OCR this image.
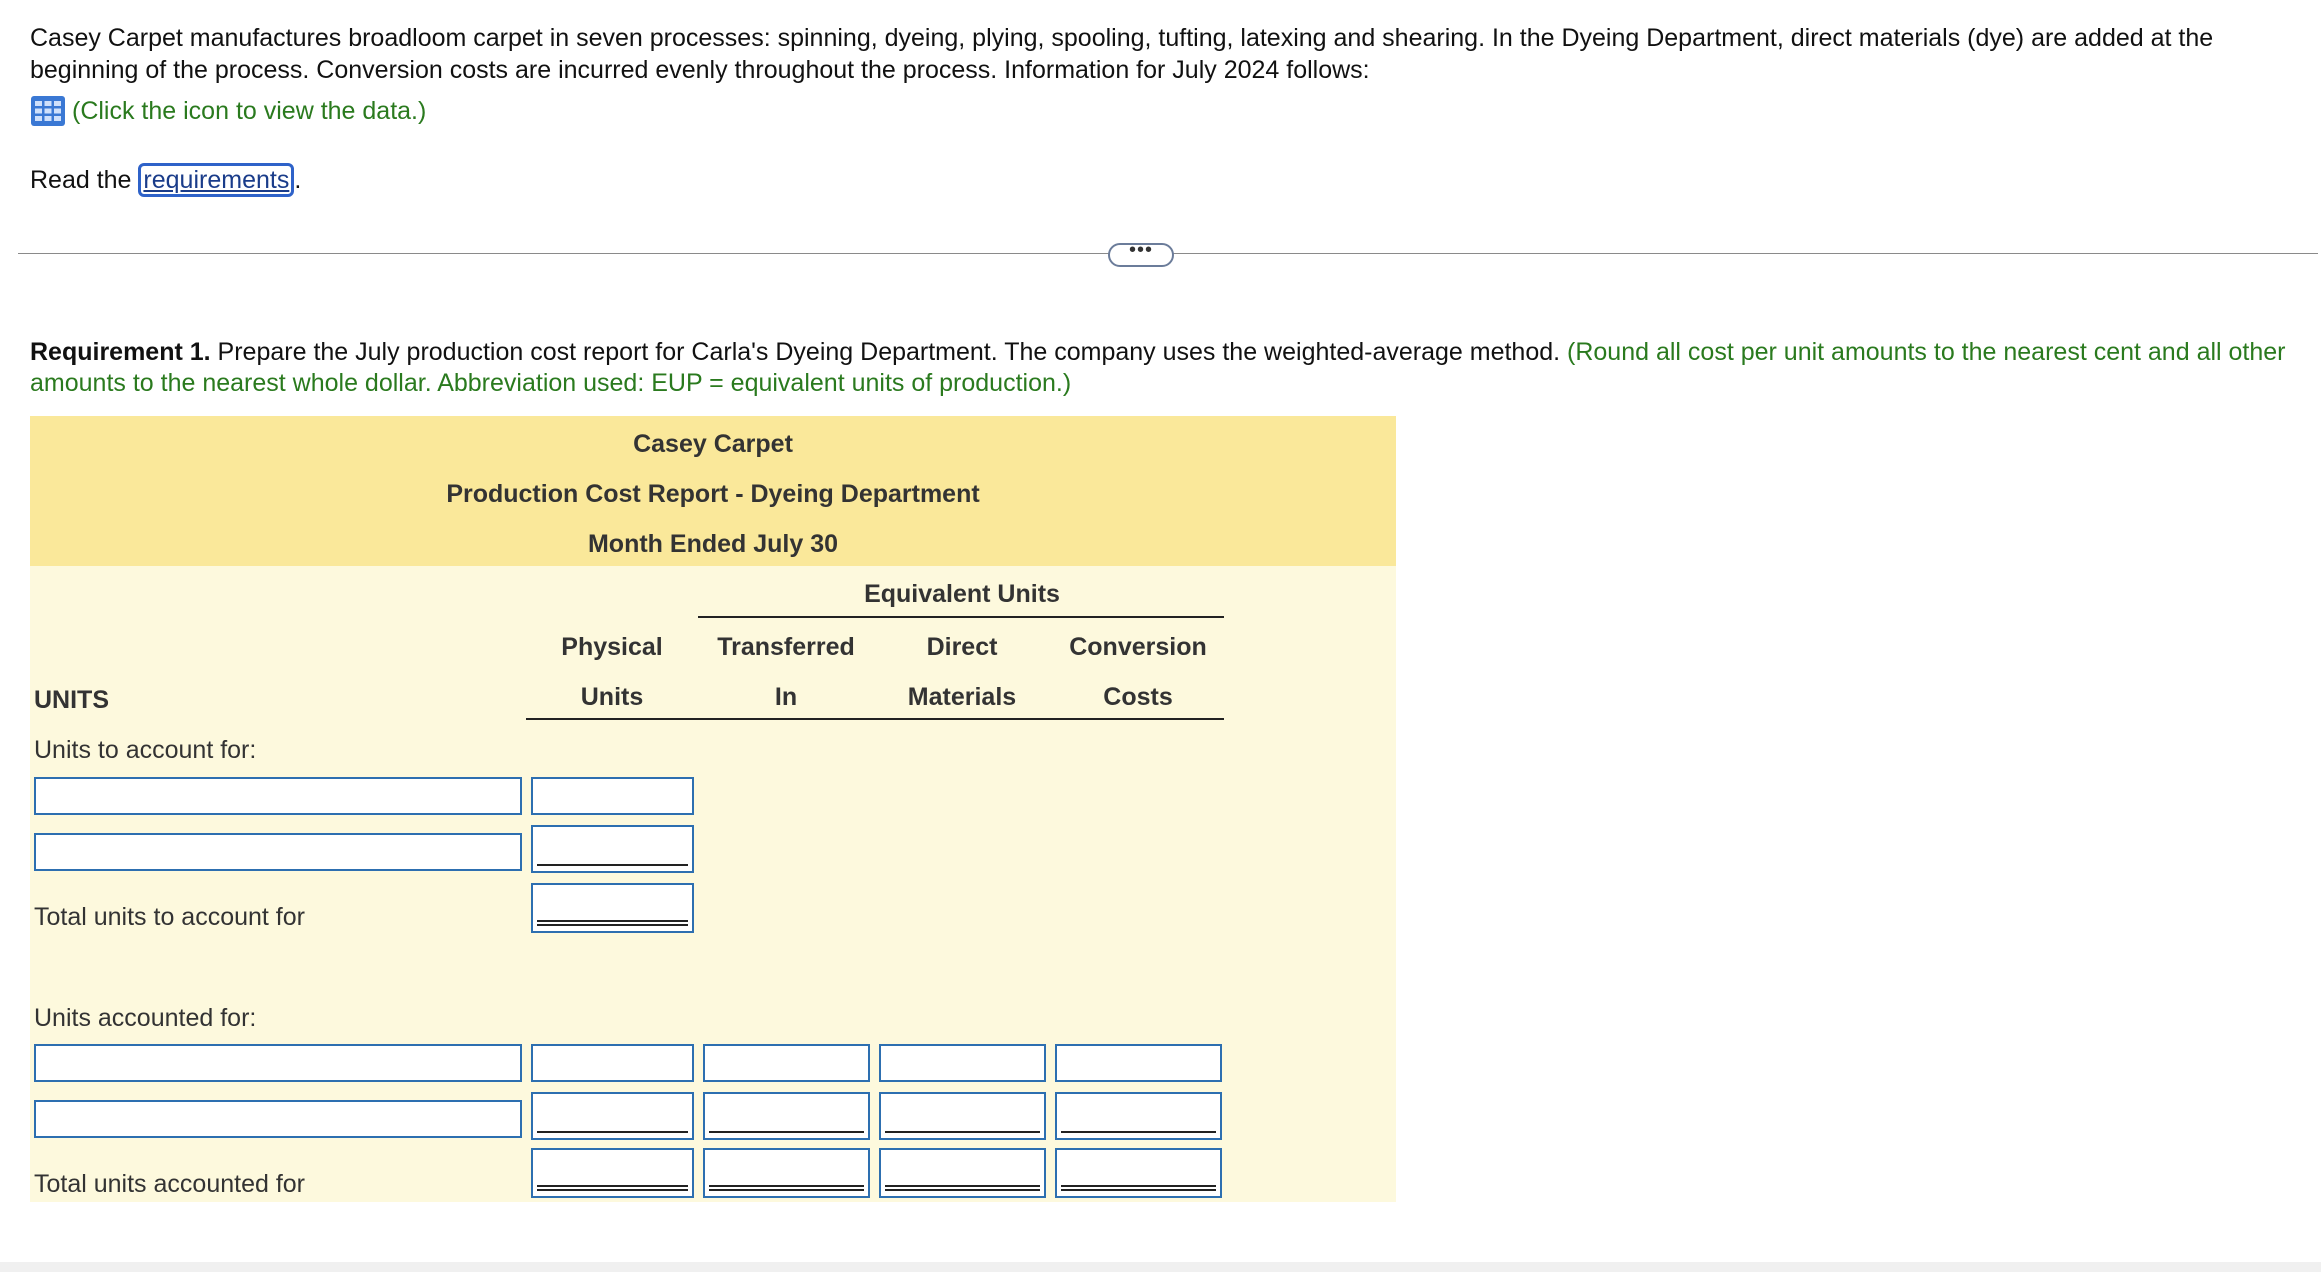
Casey Carpet manufactures broadloom carpet in seven processes: spinning, dyeing, plying, spooling, tufting, latexing and shearing. In the Dyeing Department, direct materials (dye) are added at the beginning of the process. Conversion costs are incurred evenly throughout the process. Information for July 2024 follows:
(Click the icon to view the data.)
Read the requirements .
•••
Requirement 1. Prepare the July production cost report for Carla's Dyeing Department. The company uses the weighted-average method. (Round all cost per unit amounts to the nearest cent and all other amounts to the nearest whole dollar. Abbreviation used: EUP = equivalent units of production.)
Casey Carpet
Production Cost Report - Dyeing Department
Month Ended July 30
Equivalent Units
Physical
Units
Transferred
In
Direct
Materials
Conversion
Costs
UNITS
Units to account for:
Total units to account for
Units accounted for:
Total units accounted for
